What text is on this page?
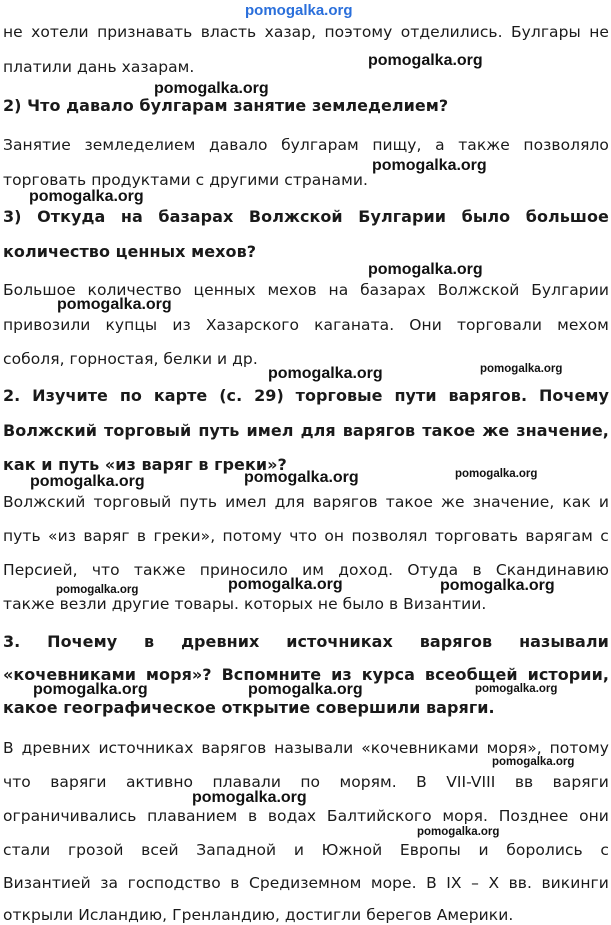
не хотели признавать власть хазар, поэтому отделились. Булгары не
платили дань хазарам.
2) Что давало булгарам занятие земледелием?
Занятие земледелием давало булгарам пищу, а также позволяло
торговать продуктами с другими странами.
3) Откуда на базарах Волжской Булгарии было большое
количество ценных мехов?
Большое количество ценных мехов на базарах Волжской Булгарии
привозили купцы из Хазарского каганата. Они торговали мехом
соболя, горностая, белки и др.
2. Изучите по карте (с. 29) торговые пути варягов. Почему
Волжский торговый путь имел для варягов такое же значение,
как и путь «из варяг в греки»?
Волжский торговый путь имел для варягов такое же значение, как и
путь «из варяг в греки», потому что он позволял торговать варягам с
Персией, что также приносило им доход. Отуда в Скандинавию
также везли другие товары. которых не было в Византии.
3. Почему в древних источниках варягов назывaли
«кочевниками моря»? Вспомните из курса всеобщей истории,
какое географическое открытие совершили варяги.
В древних источниках варягов называли «кочевниками моря», потому
что варяги активно плавали по морям. В VII-VIII вв варяги
ограничивались плаванием в водах Балтийского моря. Позднее они
стали грозой всей Западной и Южной Европы и боролись с
Византией за господство в Средиземном море. В IX – X вв. викинги
открыли Исландию, Гренландию, достигли берегов Америки.
pomogalka.org
pomogalka.org
pomogalka.org
pomogalka.org
pomogalka.org
pomogalka.org
pomogalka.org
pomogalka.org	pomogalka.org
pomogalka.org	pomogalka.org
pomogalka.org
pomogalka.org	pomogalka.org
pomogalka.org
pomogalka.org
pomogalka.org	pomogalka.org
pomogalka.org
pomogalka.org
pomogalka.org
